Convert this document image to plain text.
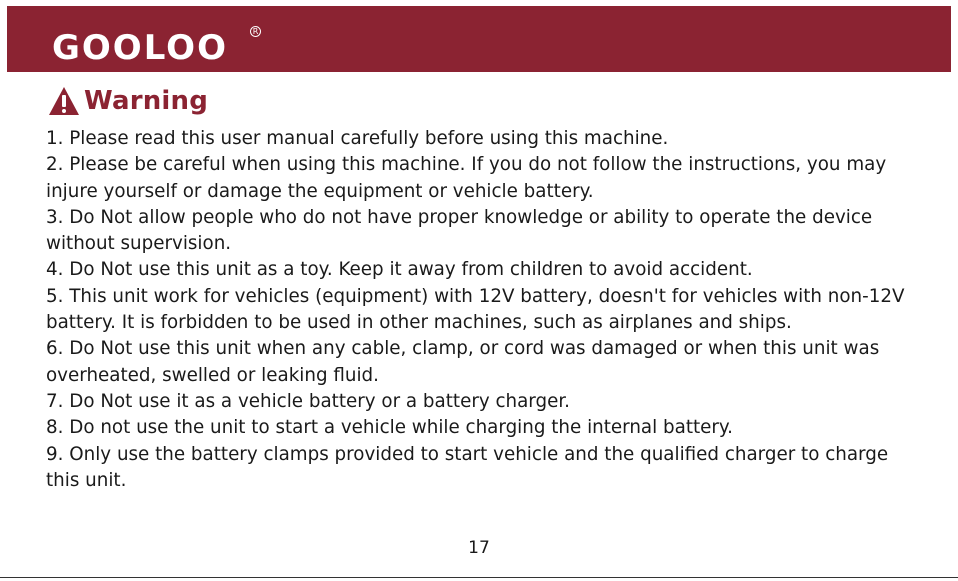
GOOLOO	R
Warning

1. Please read this user manual carefully before using this machine.

2. Please be careful when using this machine. If you do not follow the instructions, you may

injure yourself or damage the equipment or vehicle battery.

3. Do Not allow people who do not have proper knowledge or ability to operate the device

without supervision.

4. Do Not use this unit as a toy. Keep it away from children to avoid accident.

5. This unit work for vehicles (equipment) with 12V battery, doesn't for vehicles with non-12V

battery. It is forbidden to be used in other machines, such as airplanes and ships.

6. Do Not use this unit when any cable, clamp, or cord was damaged or when this unit was

overheated, swelled or leaking fluid.

7. Do Not use it as a vehicle battery or a battery charger.

8. Do not use the unit to start a vehicle while charging the internal battery.

9. Only use the battery clamps provided to start vehicle and the qualified charger to charge

this unit.

17
